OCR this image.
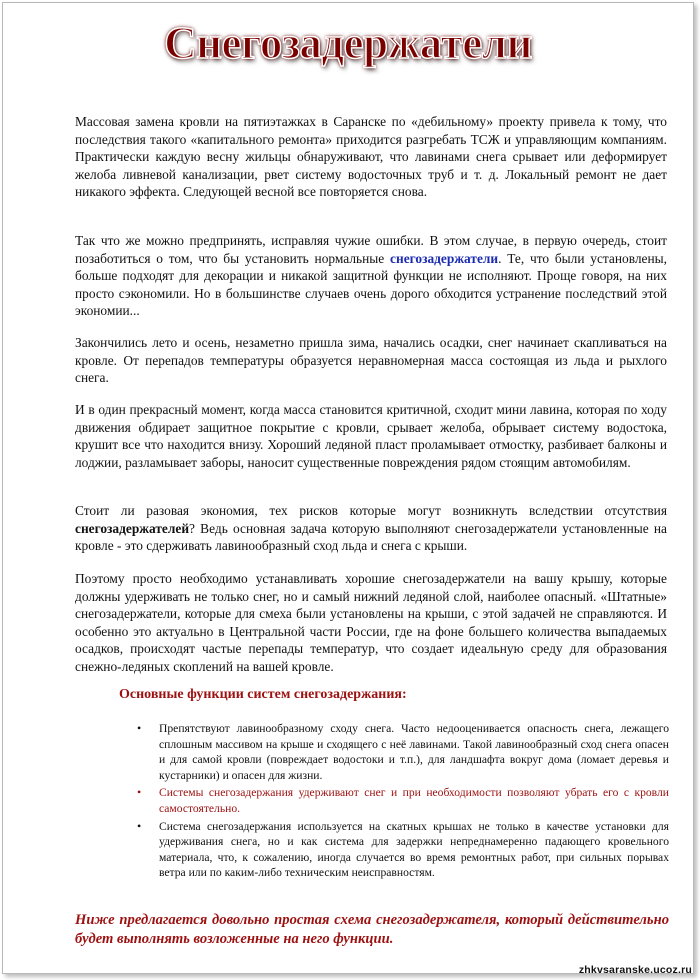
Снегозадержатели

Массовая замена кровли на пятиэтажках в Саранске по «дебильному» проекту привела к тому, что последствия такого «капитального ремонта» приходится разгребать ТСЖ и управляющим компаниям. Практически каждую весну жильцы обнаруживают, что лавинами снега срывает или деформирует желоба ливневой канализации, рвет систему водосточных труб и т. д. Локальный ремонт не дает никакого эффекта. Следующей весной все повторяется снова.

Так что же можно предпринять, исправляя чужие ошибки. В этом случае, в первую очередь, стоит позаботиться о том, что бы установить нормальные снегозадержатели. Те, что были установлены, больше подходят для декорации и никакой защитной функции не исполняют. Проще говоря, на них просто сэкономили. Но в большинстве случаев очень дорого обходится устранение последствий этой экономии...

Закончились лето и осень, незаметно пришла зима, начались осадки, снег начинает скапливаться на кровле. От перепадов температуры образуется неравномерная масса состоящая из льда и рыхлого снега.

И в один прекрасный момент, когда масса становится критичной, сходит мини лавина, которая по ходу движения обдирает защитное покрытие с кровли, срывает желоба, обрывает систему водостока, крушит все что находится внизу. Хороший ледяной пласт проламывает отмостку, разбивает балконы и лоджии, разламывает заборы, наносит существенные повреждения рядом стоящим автомобилям.

Стоит ли разовая экономия, тех рисков которые могут возникнуть вследствии отсутствия снегозадержателей? Ведь основная задача которую выполняют снегозадержатели установленные на кровле - это сдерживать лавинообразный сход льда и снега с крыши.

Поэтому просто необходимо устанавливать хорошие снегозадержатели на вашу крышу, которые должны удерживать не только снег, но и самый нижний ледяной слой, наиболее опасный. «Штатные» снегозадержатели, которые для смеха были установлены на крыши, с этой задачей не справляются. И особенно это актуально в Центральной части России, где на фоне большего количества выпадаемых осадков, происходят частые перепады температур, что создает идеальную среду для образования снежно-ледяных скоплений на вашей кровле.

Основные функции систем снегозадержания:
• Препятствуют лавинообразному сходу снега. Часто недооценивается опасность снега, лежащего сплошным массивом на крыше и сходящего с неё лавинами. Такой лавинообразный сход снега опасен и для самой кровли (повреждает водостоки и т.п.), для ландшафта вокруг дома (ломает деревья и кустарники) и опасен для жизни.
• Системы снегозадержания удерживают снег и при необходимости позволяют убрать его с кровли самостоятельно.
• Система снегозадержания используется на скатных крышах не только в качестве установки для удерживания снега, но и как система для задержки непреднамеренно падающего кровельного материала, что, к сожалению, иногда случается во время ремонтных работ, при сильных порывах ветра или по каким-либо техническим неисправностям.
Ниже предлагается довольно простая схема снегозадержателя, который действительно будет выполнять возложенные на него функции.
zhkvsaranske.ucoz.ru
